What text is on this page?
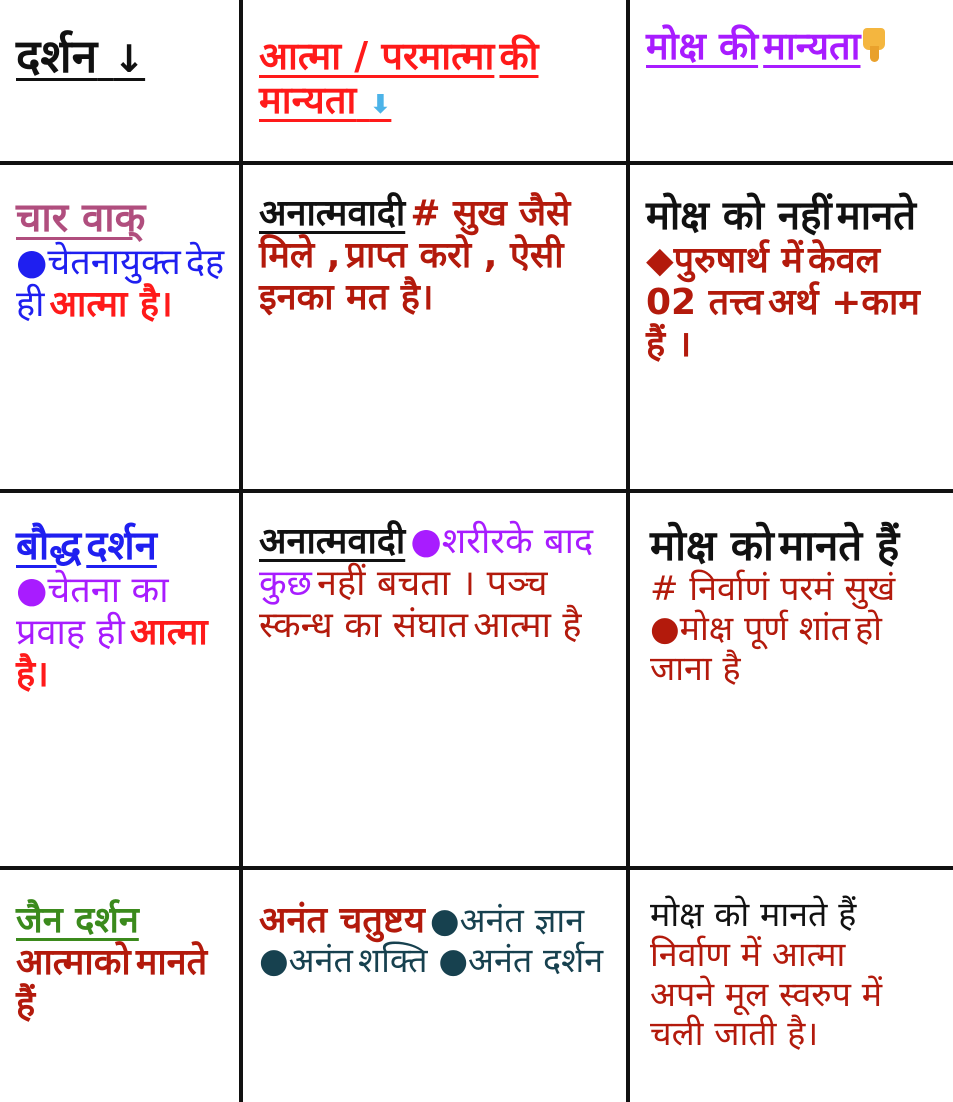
दर्शन ↓	आत्मा / परमात्मा की मान्यता ⬇
मोक्ष की मान्यता
चार वाक् ●चेतनायुक्त देह ही आत्मा है।
अनात्मवादी # सुख जैसे मिले , प्राप्त करो , ऐसी इनका मत है।
मोक्ष को नहीं मानते ◆पुरुषार्थ में केवल 02 तत्त्व अर्थ +काम हैं ।
बौद्ध दर्शन ●चेतना का प्रवाह ही आत्मा है।
अनात्मवादी ●शरीरके बाद कुछ नहीं बचता । पञ्च स्कन्ध का संघात आत्मा है
मोक्ष को मानते हैं # निर्वाणं परमं सुखं ●मोक्ष पूर्ण शांत हो जाना है
जैन दर्शन आत्माको मानते हैं
अनंत चतुष्टय ●अनंत ज्ञान ●अनंत शक्ति ●अनंत दर्शन
मोक्ष को मानते हैं निर्वाण में आत्मा अपने मूल स्वरुप में चली जाती है।
